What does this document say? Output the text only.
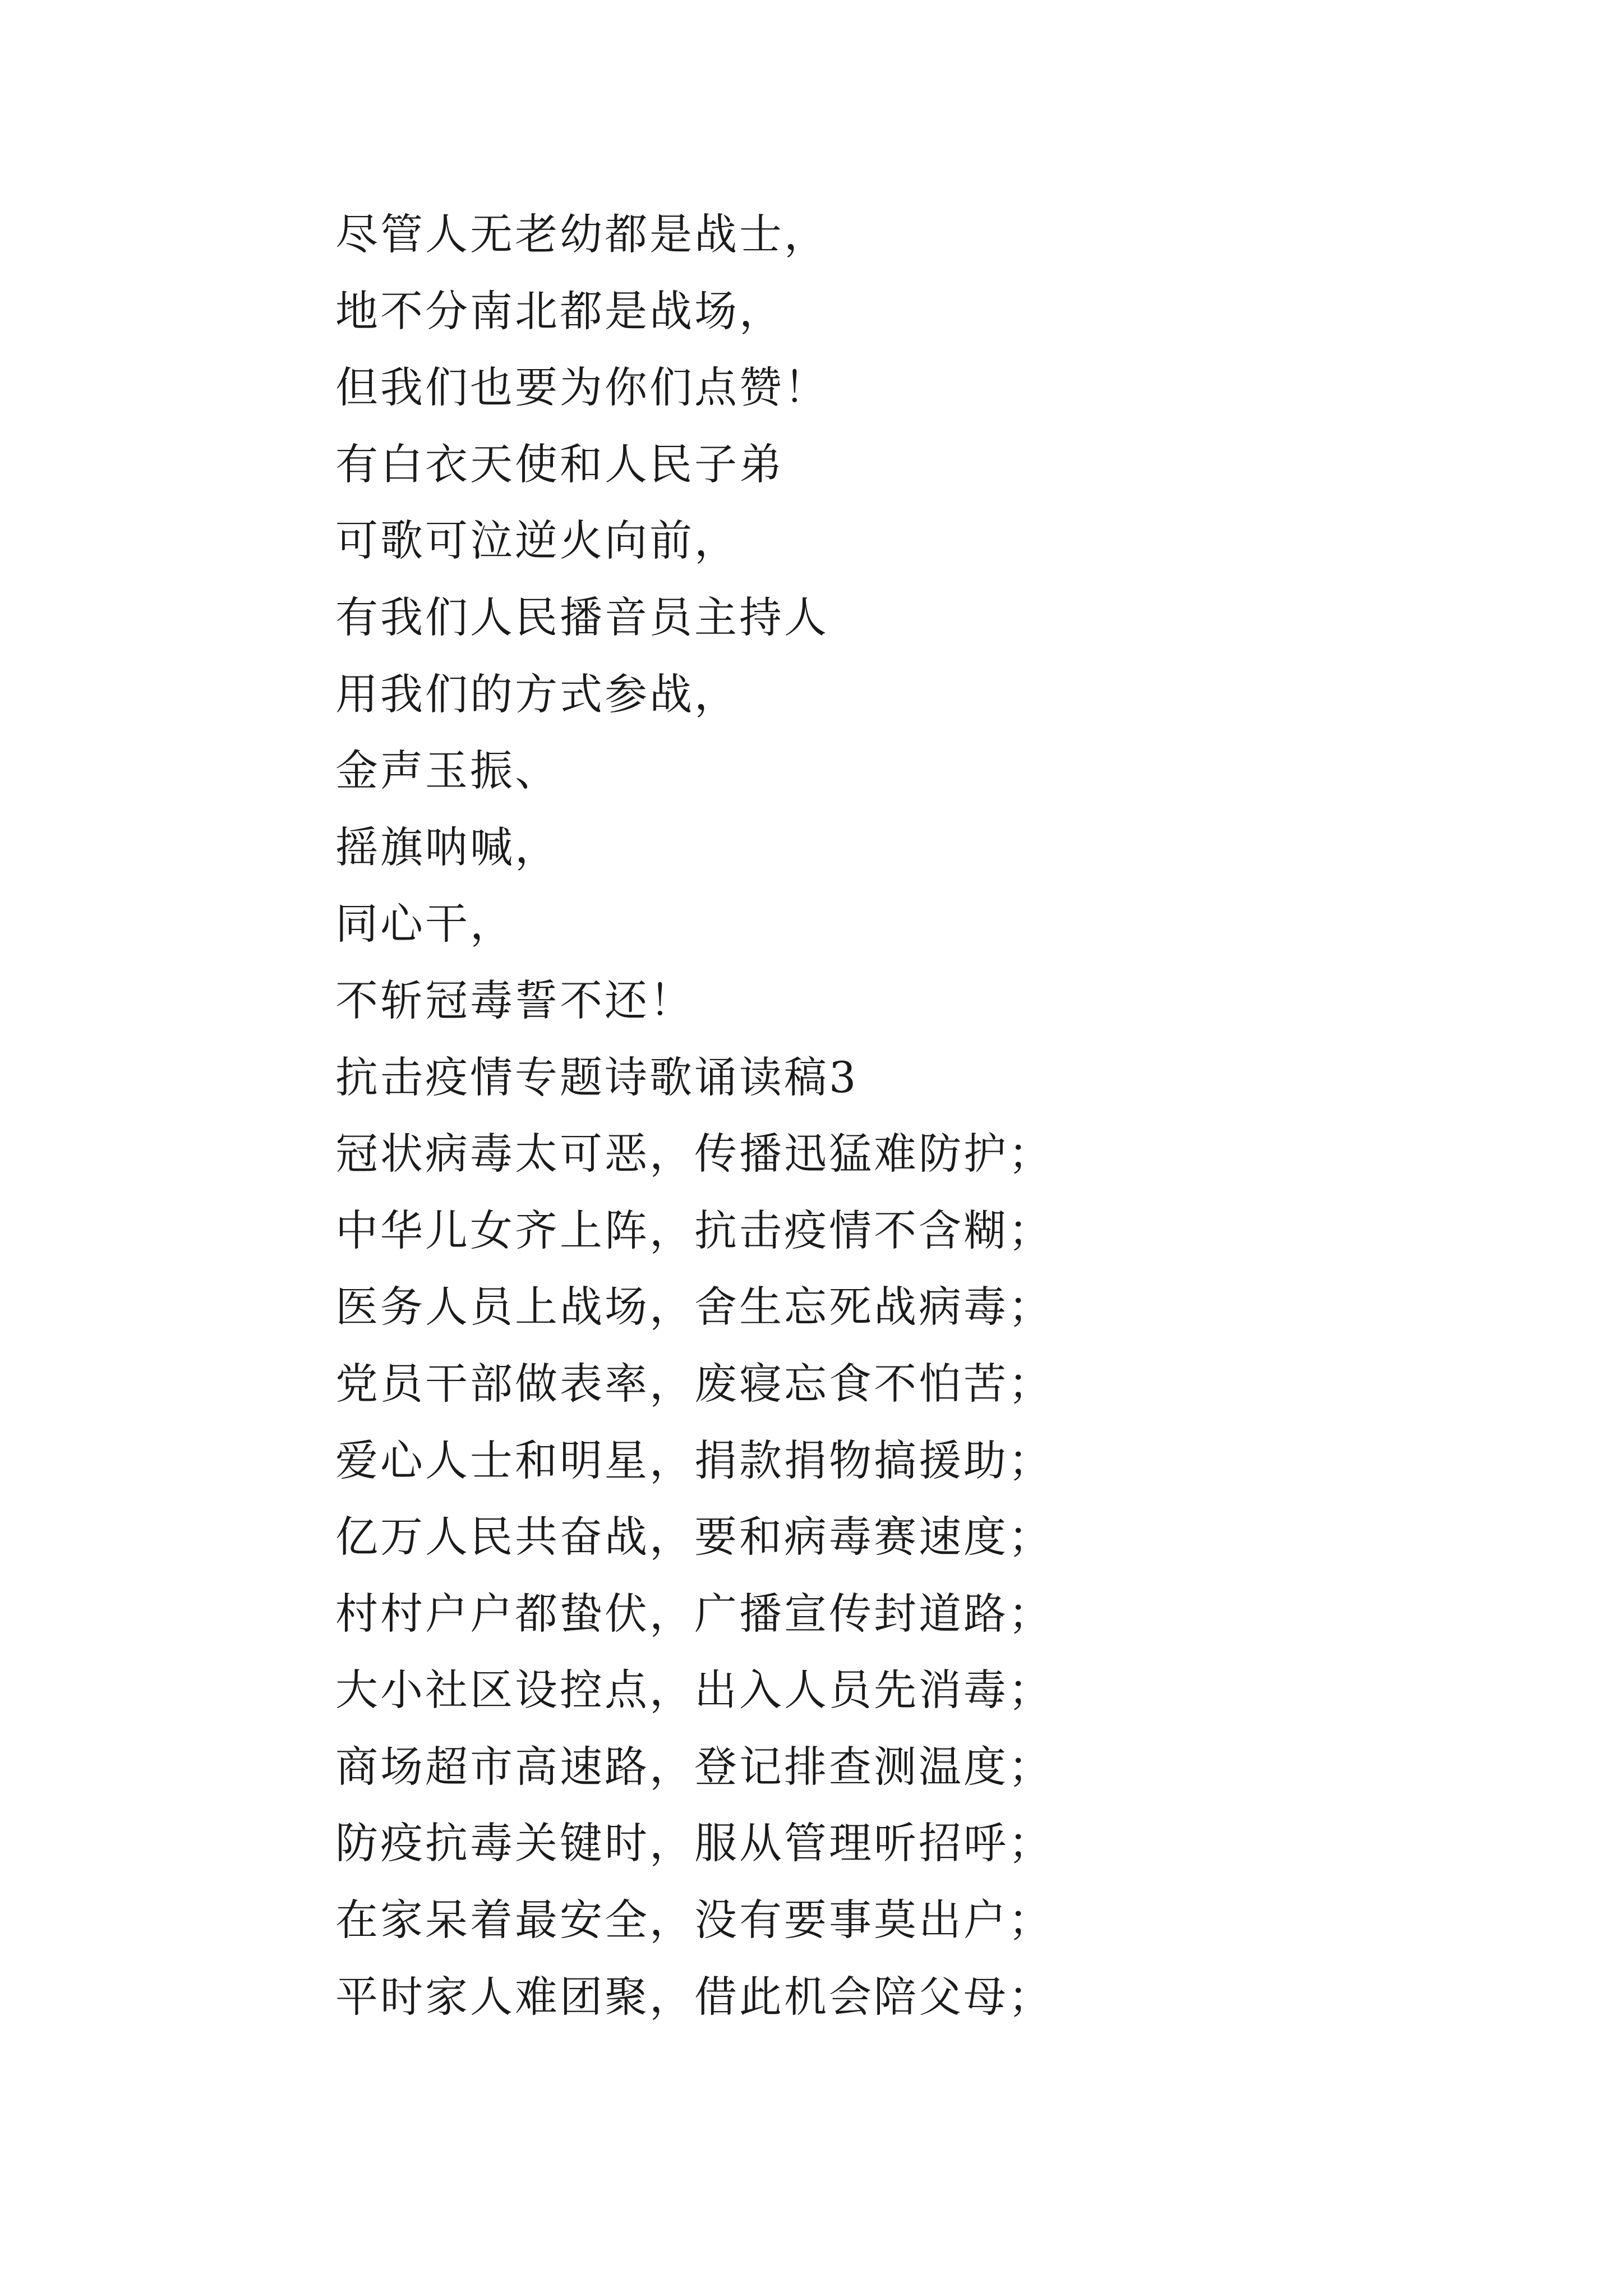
尽管人无老幼都是战士，
地不分南北都是战场，
但我们也要为你们点赞！
有白衣天使和人民子弟
可歌可泣逆火向前，
有我们人民播音员主持人
用我们的方式参战，
金声玉振、
摇旗呐喊，
同心干，
不斩冠毒誓不还！
抗击疫情专题诗歌诵读稿3
冠状病毒太可恶，传播迅猛难防护；
中华儿女齐上阵，抗击疫情不含糊；
医务人员上战场，舍生忘死战病毒；
党员干部做表率，废寝忘食不怕苦；
爱心人士和明星，捐款捐物搞援助；
亿万人民共奋战，要和病毒赛速度；
村村户户都蛰伏，广播宣传封道路；
大小社区设控点，出入人员先消毒；
商场超市高速路，登记排查测温度；
防疫抗毒关键时，服从管理听招呼；
在家呆着最安全，没有要事莫出户；
平时家人难团聚，借此机会陪父母；
